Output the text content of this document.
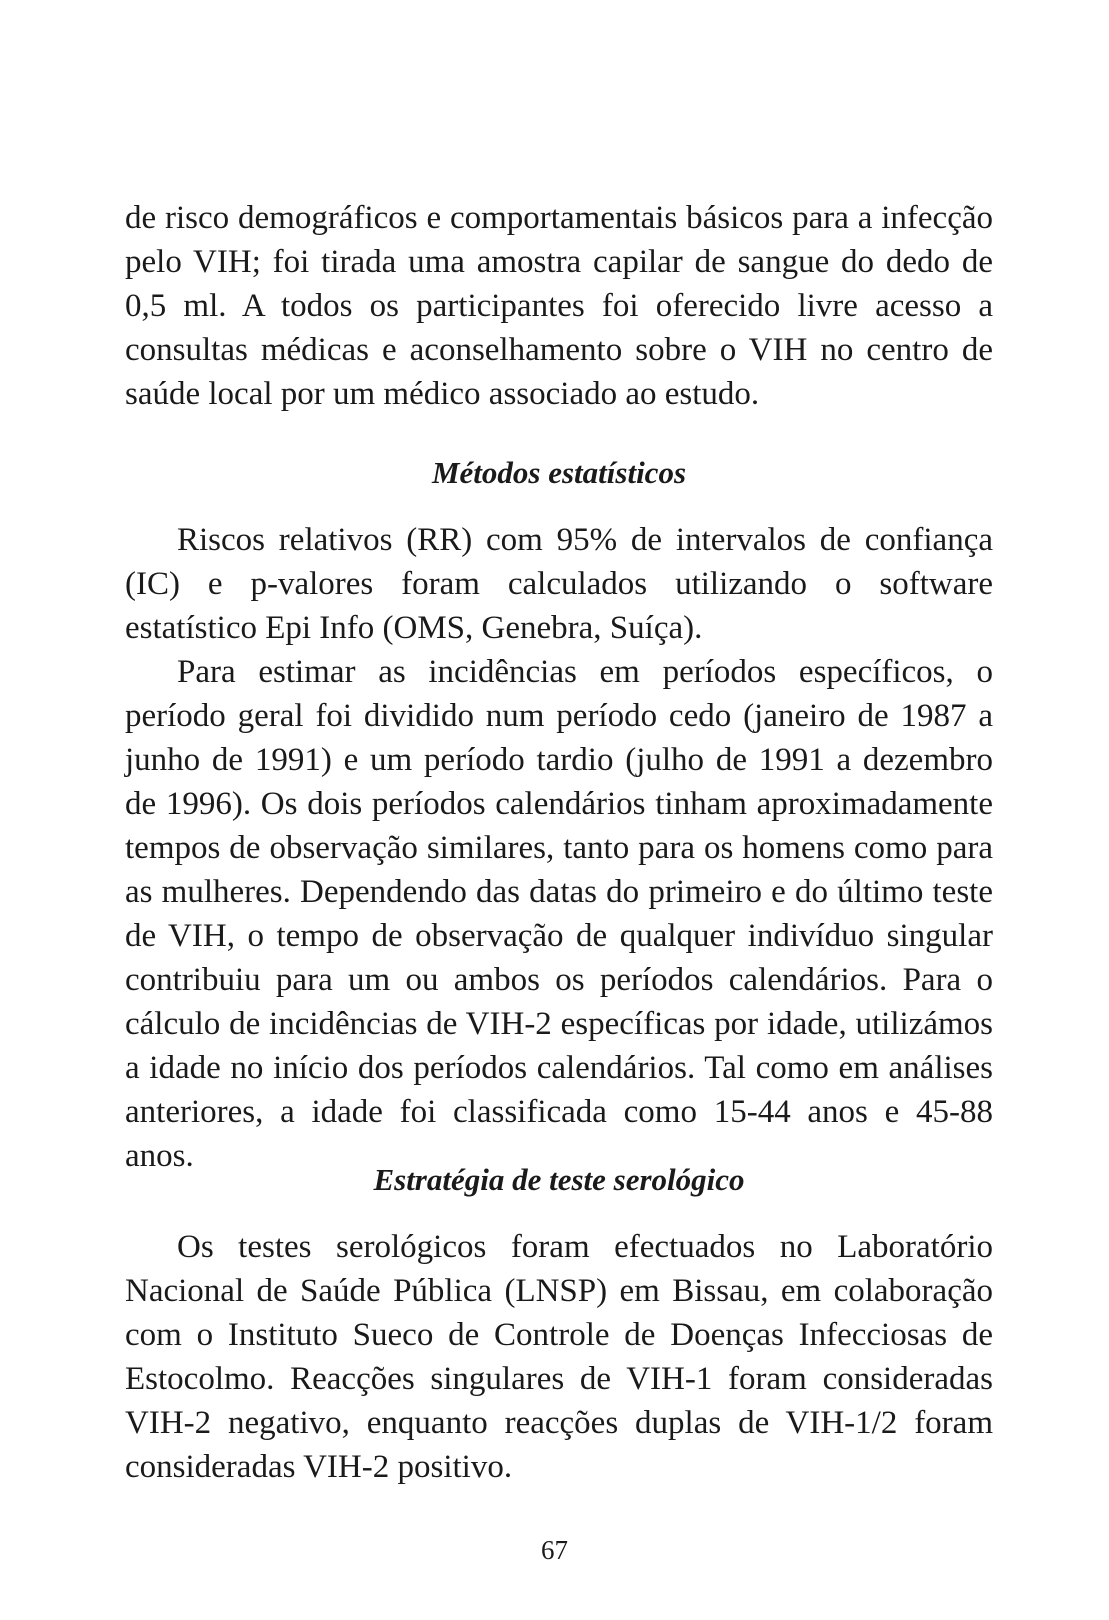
de risco demográficos e comportamentais básicos para a infecção pelo VIH; foi tirada uma amostra capilar de sangue do dedo de 0,5 ml. A todos os participantes foi oferecido livre acesso a consultas médicas e aconselhamento sobre o VIH no centro de saúde local por um médico associado ao estudo.

Métodos estatísticos

Riscos relativos (RR) com 95% de intervalos de confiança (IC) e p-valores foram calculados utilizando o software estatístico Epi Info (OMS, Genebra, Suíça).

Para estimar as incidências em períodos específicos, o período geral foi dividido num período cedo (janeiro de 1987 a junho de 1991) e um período tardio (julho de 1991 a dezembro de 1996). Os dois períodos calendários tinham aproximadamente tempos de observação similares, tanto para os homens como para as mulheres. Dependendo das datas do primeiro e do último teste de VIH, o tempo de observação de qualquer indivíduo singular contribuiu para um ou ambos os períodos calendários. Para o cálculo de incidências de VIH-2 específicas por idade, utilizámos a idade no início dos períodos calendários. Tal como em análises anteriores, a idade foi classificada como 15-44 anos e 45-88 anos.

Estratégia de teste serológico

Os testes serológicos foram efectuados no Laboratório Nacional de Saúde Pública (LNSP) em Bissau, em colaboração com o Instituto Sueco de Controle de Doenças Infecciosas de Estocolmo. Reacções singulares de VIH-1 foram consideradas VIH-2 negativo, enquanto reacções duplas de VIH-1/2 foram consideradas VIH-2 positivo.

67
